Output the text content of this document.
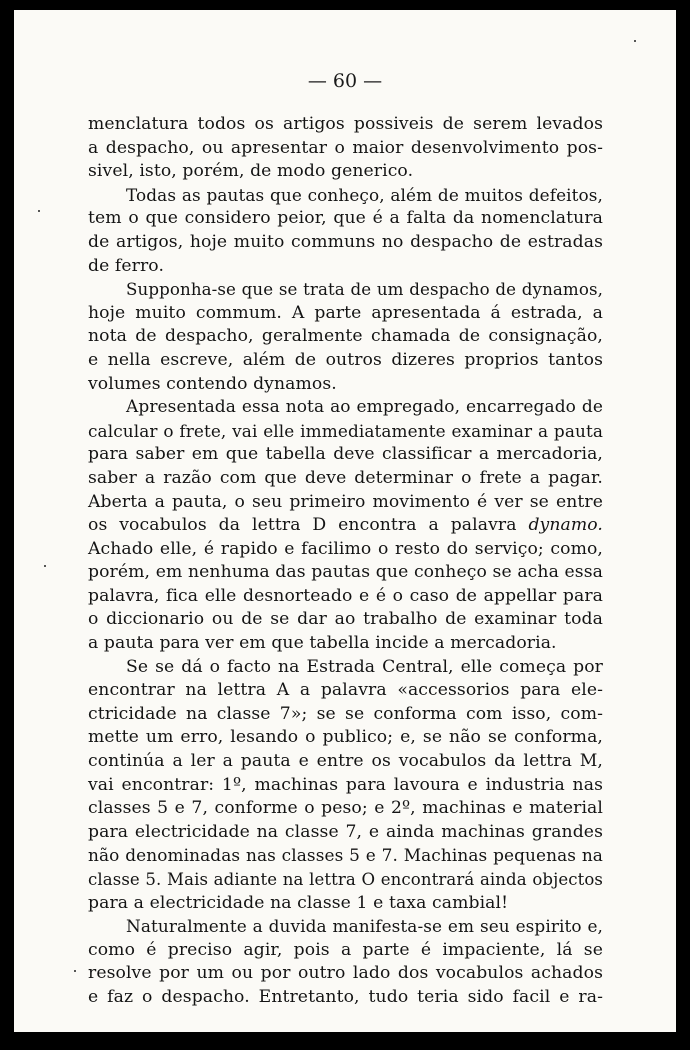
— 60 —

menclatura todos os artigos possiveis de serem levados
a despacho, ou apresentar o maior desenvolvimento pos-
sivel, isto, porém, de modo generico.

Todas as pautas que conheço, além de muitos defeitos,
tem o que considero peior, que é a falta da nomenclatura
de artigos, hoje muito communs no despacho de estradas
de ferro.

Supponha-se que se trata de um despacho de dynamos,
hoje muito commum. A parte apresentada á estrada, a
nota de despacho, geralmente chamada de consignação,
e nella escreve, além de outros dizeres proprios tantos
volumes contendo dynamos.

Apresentada essa nota ao empregado, encarregado de
calcular o frete, vai elle immediatamente examinar a pauta
para saber em que tabella deve classificar a mercadoria,
saber a razão com que deve determinar o frete a pagar.
Aberta a pauta, o seu primeiro movimento é ver se entre
os vocabulos da lettra D encontra a palavra dynamo.
Achado elle, é rapido e facilimo o resto do serviço; como,
porém, em nenhuma das pautas que conheço se acha essa
palavra, fica elle desnorteado e é o caso de appellar para
o diccionario ou de se dar ao trabalho de examinar toda
a pauta para ver em que tabella incide a mercadoria.

Se se dá o facto na Estrada Central, elle começa por
encontrar na lettra A a palavra «accessorios para ele-
ctricidade na classe 7»; se se conforma com isso, com-
mette um erro, lesando o publico; e, se não se conforma,
continúa a ler a pauta e entre os vocabulos da lettra M,
vai encontrar: 1º, machinas para lavoura e industria nas
classes 5 e 7, conforme o peso; e 2º, machinas e material
para electricidade na classe 7, e ainda machinas grandes
não denominadas nas classes 5 e 7. Machinas pequenas na
classe 5. Mais adiante na lettra O encontrará ainda objectos
para a electricidade na classe 1 e taxa cambial!

Naturalmente a duvida manifesta-se em seu espirito e,
como é preciso agir, pois a parte é impaciente, lá se
resolve por um ou por outro lado dos vocabulos achados
e faz o despacho. Entretanto, tudo teria sido facil e ra-
